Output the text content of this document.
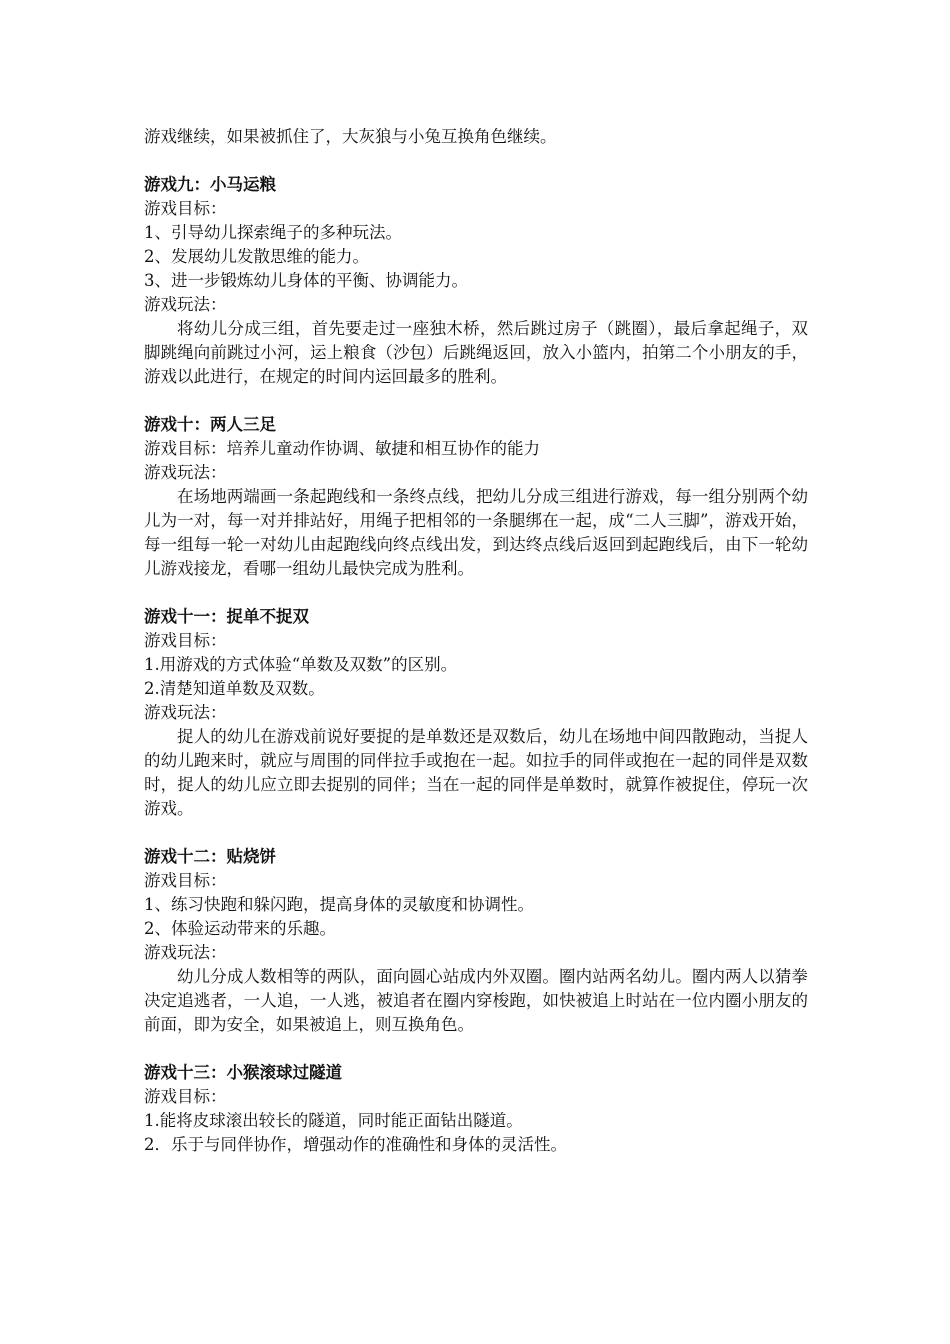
游戏继续，如果被抓住了，大灰狼与小兔互换角色继续。

游戏九：小马运粮

游戏目标：

1、引导幼儿探索绳子的多种玩法。

2、发展幼儿发散思维的能力。

3、进一步锻炼幼儿身体的平衡、协调能力。

游戏玩法：

将幼儿分成三组，首先要走过一座独木桥，然后跳过房子（跳圈），最后拿起绳子，双脚跳绳向前跳过小河，运上粮食（沙包）后跳绳返回，放入小篮内，拍第二个小朋友的手，游戏以此进行，在规定的时间内运回最多的胜利。

游戏十：两人三足

游戏目标：培养儿童动作协调、敏捷和相互协作的能力

游戏玩法：

在场地两端画一条起跑线和一条终点线，把幼儿分成三组进行游戏，每一组分别两个幼儿为一对，每一对并排站好，用绳子把相邻的一条腿绑在一起，成“二人三脚”，游戏开始，每一组每一轮一对幼儿由起跑线向终点线出发，到达终点线后返回到起跑线后，由下一轮幼儿游戏接龙，看哪一组幼儿最快完成为胜利。

游戏十一：捉单不捉双

游戏目标：

1.用游戏的方式体验“单数及双数”的区别。

2.清楚知道单数及双数。

游戏玩法：

捉人的幼儿在游戏前说好要捉的是单数还是双数后，幼儿在场地中间四散跑动，当捉人的幼儿跑来时，就应与周围的同伴拉手或抱在一起。如拉手的同伴或抱在一起的同伴是双数时，捉人的幼儿应立即去捉别的同伴；当在一起的同伴是单数时，就算作被捉住，停玩一次游戏。

游戏十二：贴烧饼

游戏目标：

1、练习快跑和躲闪跑，提高身体的灵敏度和协调性。

2、体验运动带来的乐趣。

游戏玩法：

幼儿分成人数相等的两队，面向圆心站成内外双圈。圈内站两名幼儿。圈内两人以猜拳决定追逃者，一人追，一人逃，被追者在圈内穿梭跑，如快被追上时站在一位内圈小朋友的前面，即为安全，如果被追上，则互换角色。

游戏十三：小猴滚球过隧道

游戏目标：

1.能将皮球滚出较长的隧道，同时能正面钻出隧道。

2．乐于与同伴协作，增强动作的准确性和身体的灵活性。
